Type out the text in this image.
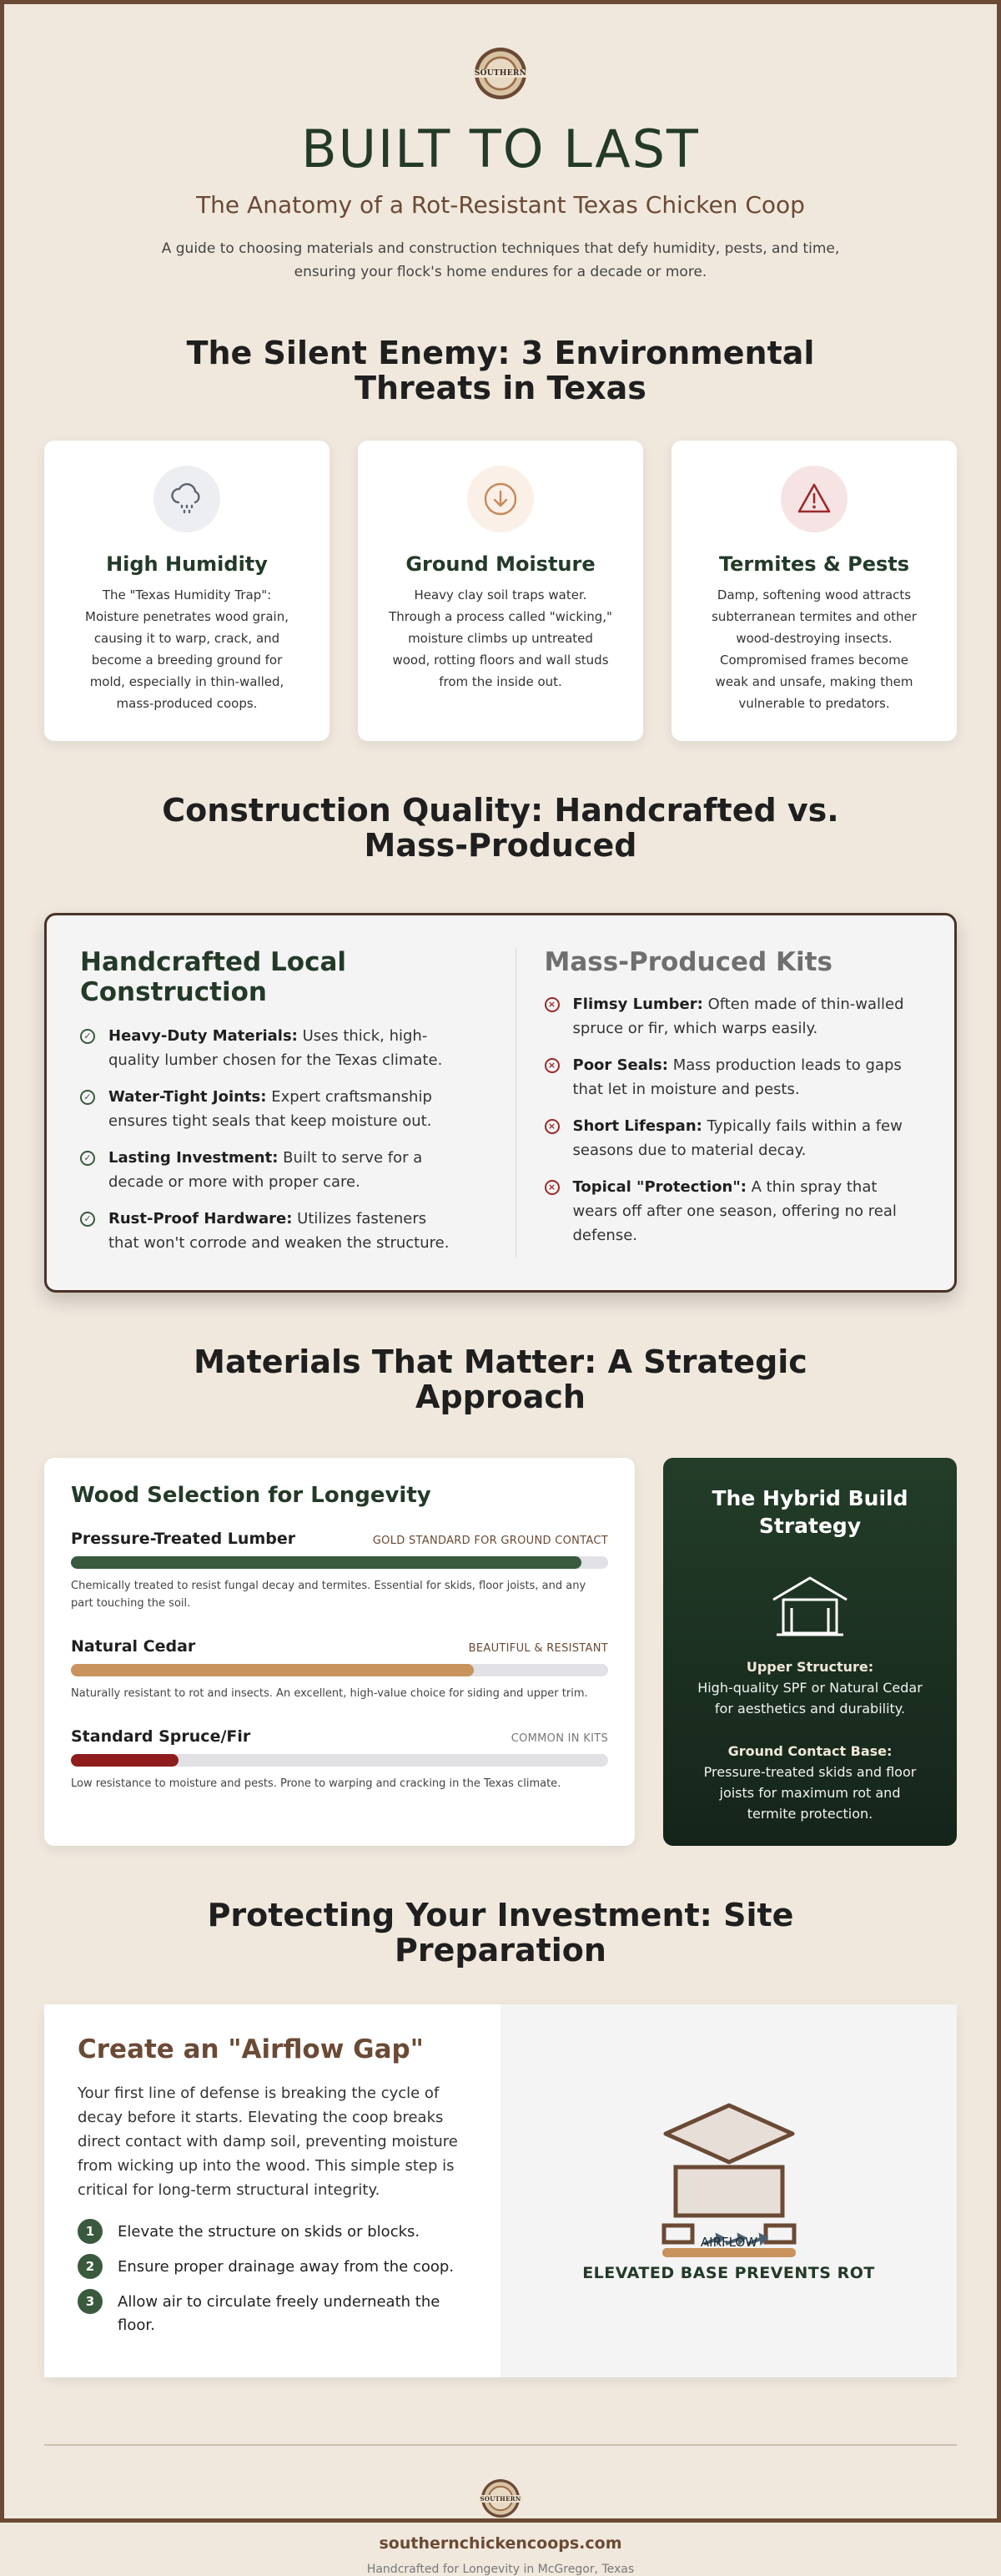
SOUTHERN
BUILT TO LAST
The Anatomy of a Rot-Resistant Texas Chicken Coop

A guide to choosing materials and construction techniques that defy humidity, pests, and time, ensuring your flock's home endures for a decade or more.

The Silent Enemy: 3 Environmental Threats in Texas
High Humidity

The "Texas Humidity Trap": Moisture penetrates wood grain, causing it to warp, crack, and become a breeding ground for mold, especially in thin-walled, mass-produced coops.

Ground Moisture

Heavy clay soil traps water. Through a process called "wicking," moisture climbs up untreated wood, rotting floors and wall studs from the inside out.

Termites & Pests

Damp, softening wood attracts subterranean termites and other wood-destroying insects. Compromised frames become weak and unsafe, making them vulnerable to predators.

Construction Quality: Handcrafted vs. Mass-Produced
Handcrafted Local Construction
✓ Heavy-Duty Materials: Uses thick, high-quality lumber chosen for the Texas climate.

✓ Water-Tight Joints: Expert craftsmanship ensures tight seals that keep moisture out.

✓ Lasting Investment: Built to serve for a decade or more with proper care.

✓ Rust-Proof Hardware: Utilizes fasteners that won't corrode and weaken the structure.

Mass-Produced Kits
× Flimsy Lumber: Often made of thin-walled spruce or fir, which warps easily.

× Poor Seals: Mass production leads to gaps that let in moisture and pests.

× Short Lifespan: Typically fails within a few seasons due to material decay.

× Topical "Protection": A thin spray that wears off after one season, offering no real defense.

Materials That Matter: A Strategic Approach
Wood Selection for Longevity
Pressure-Treated Lumber	GOLD STANDARD FOR GROUND CONTACT

Chemically treated to resist fungal decay and termites. Essential for skids, floor joists, and any part touching the soil.

Natural Cedar	BEAUTIFUL & RESISTANT

Naturally resistant to rot and insects. An excellent, high-value choice for siding and upper trim.

Standard Spruce/Fir	COMMON IN KITS

Low resistance to moisture and pests. Prone to warping and cracking in the Texas climate.

The Hybrid Build Strategy
Upper Structure:

High-quality SPF or Natural Cedar for aesthetics and durability.

Ground Contact Base:

Pressure-treated skids and floor joists for maximum rot and termite protection.

Protecting Your Investment: Site Preparation
Create an "Airflow Gap"

Your first line of defense is breaking the cycle of decay before it starts. Elevating the coop breaks direct contact with damp soil, preventing moisture from wicking up into the wood. This simple step is critical for long-term structural integrity.

1	Elevate the structure on skids or blocks.

2	Ensure proper drainage away from the coop.

3	Allow air to circulate freely underneath the floor.

AIRFLOW
ELEVATED BASE PREVENTS ROT
SOUTHERN
southernchickencoops.com
Handcrafted for Longevity in McGregor, Texas
